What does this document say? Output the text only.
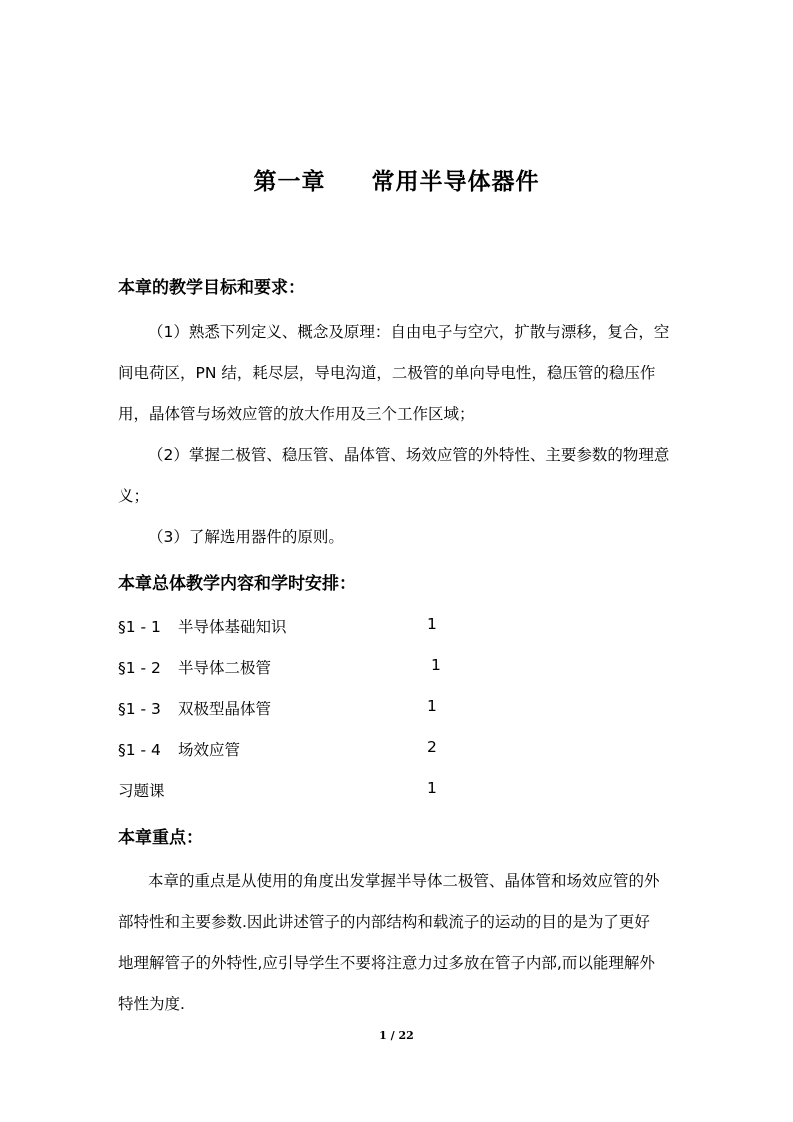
第一章 常用半导体器件
本章的教学目标和要求：
（1）熟悉下列定义、概念及原理：自由电子与空穴，扩散与漂移，复合，空
间电荷区，PN 结，耗尽层，导电沟道，二极管的单向导电性，稳压管的稳压作
用，晶体管与场效应管的放大作用及三个工作区域；
（2）掌握二极管、稳压管、晶体管、场效应管的外特性、主要参数的物理意
义；
（3）了解选用器件的原则。
本章总体教学内容和学时安排：
§1 - 1 半导体基础知识	1
§1 - 2 半导体二极管	1
§1 - 3 双极型晶体管	1
§1 - 4 场效应管	2
习题课	1
本章重点：
本章的重点是从使用的角度出发掌握半导体二极管、晶体管和场效应管的外
部特性和主要参数.因此讲述管子的内部结构和载流子的运动的目的是为了更好
地理解管子的外特性,应引导学生不要将注意力过多放在管子内部,而以能理解外
特性为度.
1 / 22
